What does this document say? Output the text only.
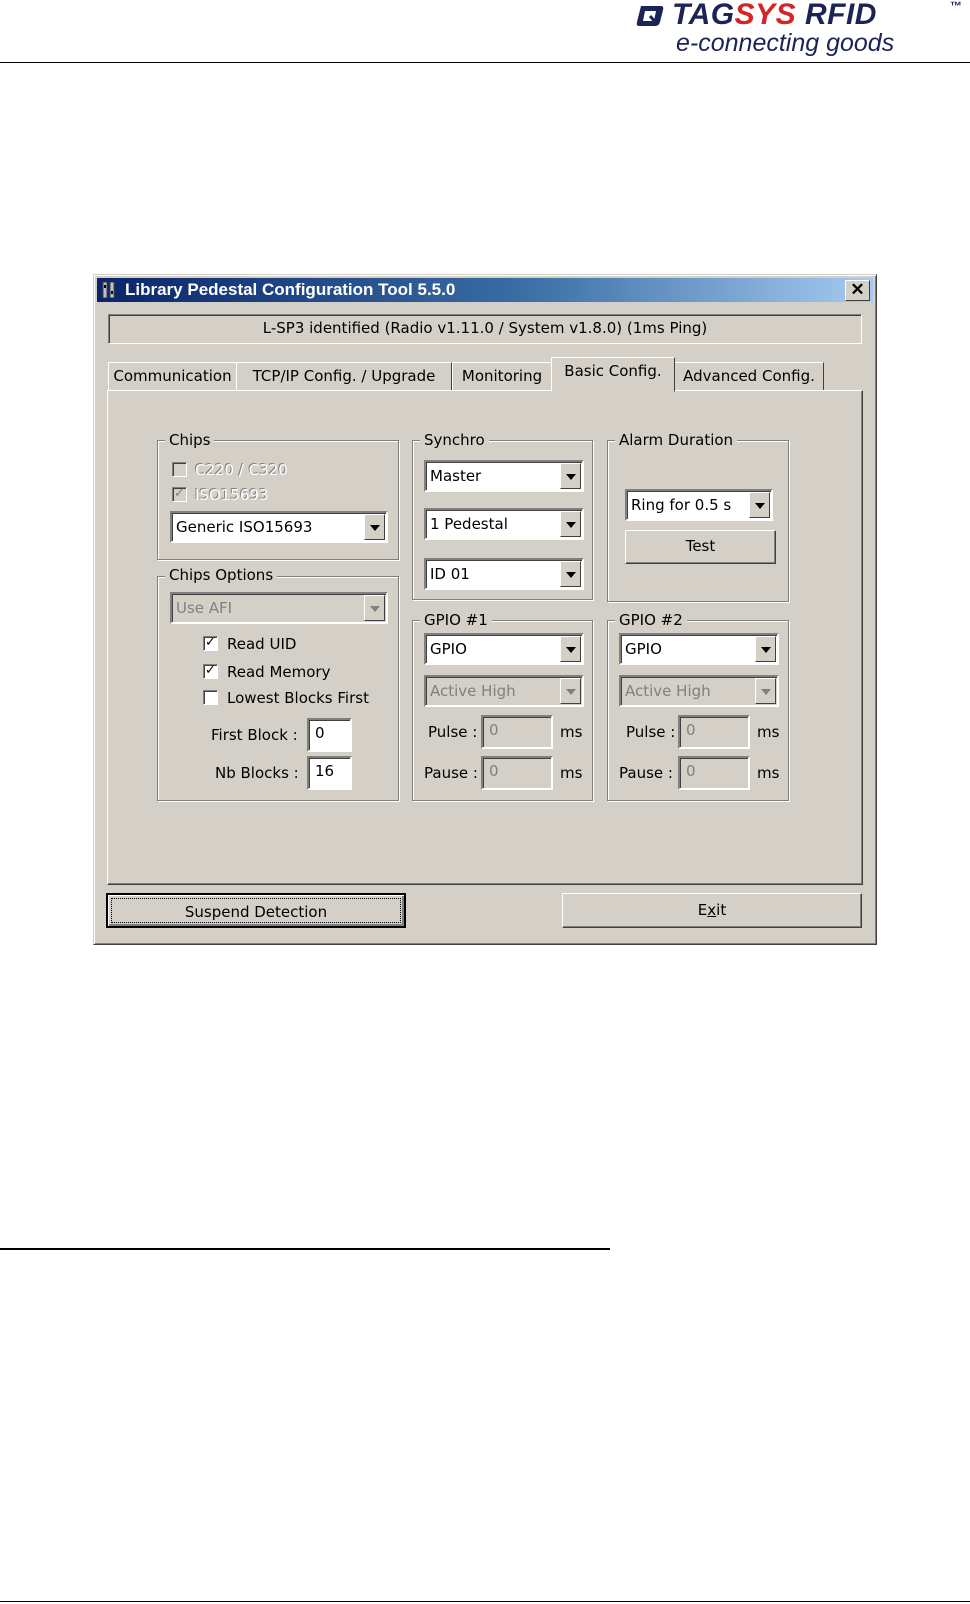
TAGSYS RFID	™
e-connecting goods
Library Pedestal Configuration Tool 5.5.0	✕
L-SP3 identified (Radio v1.11.0 / System v1.8.0) (1ms Ping)
Communication	TCP/IP Config. / Upgrade	Monitoring	Basic Config.	Advanced Config.
Chips
C220 / C320
✓ ISO15693
Generic ISO15693
Chips Options
Use AFI
✓ Read UID
✓ Read Memory
Lowest Blocks First
First Block :	0
Nb Blocks :	16
Synchro
Master
1 Pedestal
ID 01
Alarm Duration
Ring for 0.5 s
Test
GPIO #1
GPIO
Active High
Pulse : 0	ms
Pause : 0	ms
GPIO #2
GPIO
Active High
Pulse : 0	ms
Pause : 0	ms
Suspend Detection	Exit
